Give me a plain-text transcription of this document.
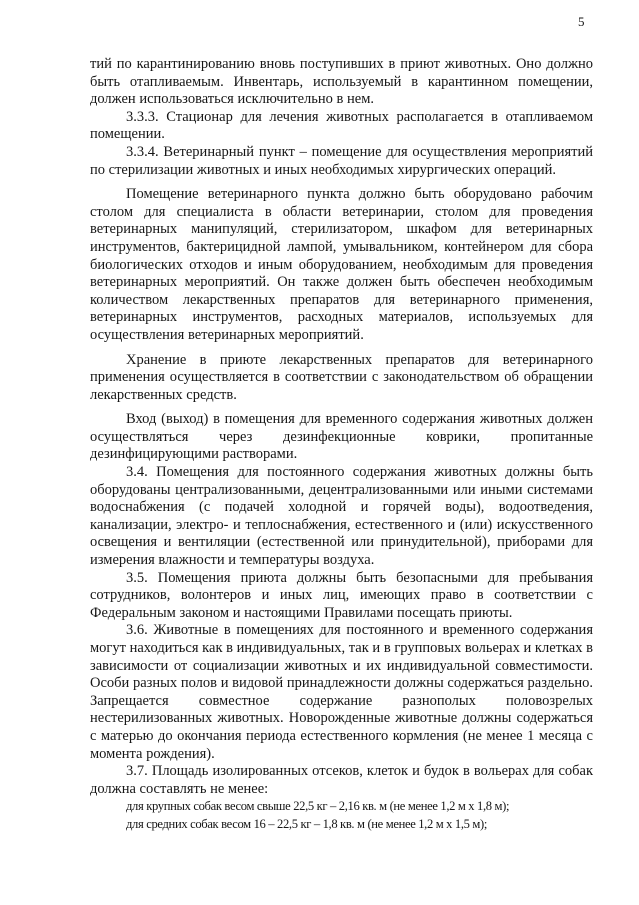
5

тий по карантинированию вновь поступивших в приют животных. Оно должно быть отапливаемым. Инвентарь, используемый в карантинном помещении, должен использоваться исключительно в нем.

3.3.3. Стационар для лечения животных располагается в отапливаемом помещении.

3.3.4. Ветеринарный пункт – помещение для осуществления мероприятий по стерилизации животных и иных необходимых хирургических операций.

Помещение ветеринарного пункта должно быть оборудовано рабочим столом для специалиста в области ветеринарии, столом для проведения ветеринарных манипуляций, стерилизатором, шкафом для ветеринарных инструментов, бактерицидной лампой, умывальником, контейнером для сбора биологических отходов и иным оборудованием, необходимым для проведения ветеринарных мероприятий. Он также должен быть обеспечен необходимым количеством лекарственных препаратов для ветеринарного применения, ветеринарных инструментов, расходных материалов, используемых для осуществления ветеринарных мероприятий.

Хранение в приюте лекарственных препаратов для ветеринарного применения осуществляется в соответствии с законодательством об обращении лекарственных средств.

Вход (выход) в помещения для временного содержания животных должен осуществляться через дезинфекционные коврики, пропитанные дезинфицирующими растворами.

3.4. Помещения для постоянного содержания животных должны быть оборудованы централизованными, децентрализованными или иными системами водоснабжения (с подачей холодной и горячей воды), водоотведения, канализации, электро- и теплоснабжения, естественного и (или) искусственного освещения и вентиляции (естественной или принудительной), приборами для измерения влажности и температуры воздуха.

3.5. Помещения приюта должны быть безопасными для пребывания сотрудников, волонтеров и иных лиц, имеющих право в соответствии с Федеральным законом и настоящими Правилами посещать приюты.

3.6. Животные в помещениях для постоянного и временного содержания могут находиться как в индивидуальных, так и в групповых вольерах и клетках в зависимости от социализации животных и их индивидуальной совместимости. Особи разных полов и видовой принадлежности должны содержаться раздельно. Запрещается совместное содержание разнополых половозрелых нестерилизованных животных. Новорожденные животные должны содержаться с матерью до окончания периода естественного кормления (не менее 1 месяца с момента рождения).

3.7. Площадь изолированных отсеков, клеток и будок в вольерах для собак должна составлять не менее:

для крупных собак весом свыше 22,5 кг – 2,16 кв. м (не менее 1,2 м х 1,8 м);

для средних собак весом 16 – 22,5 кг – 1,8 кв. м (не менее 1,2 м х 1,5 м);
